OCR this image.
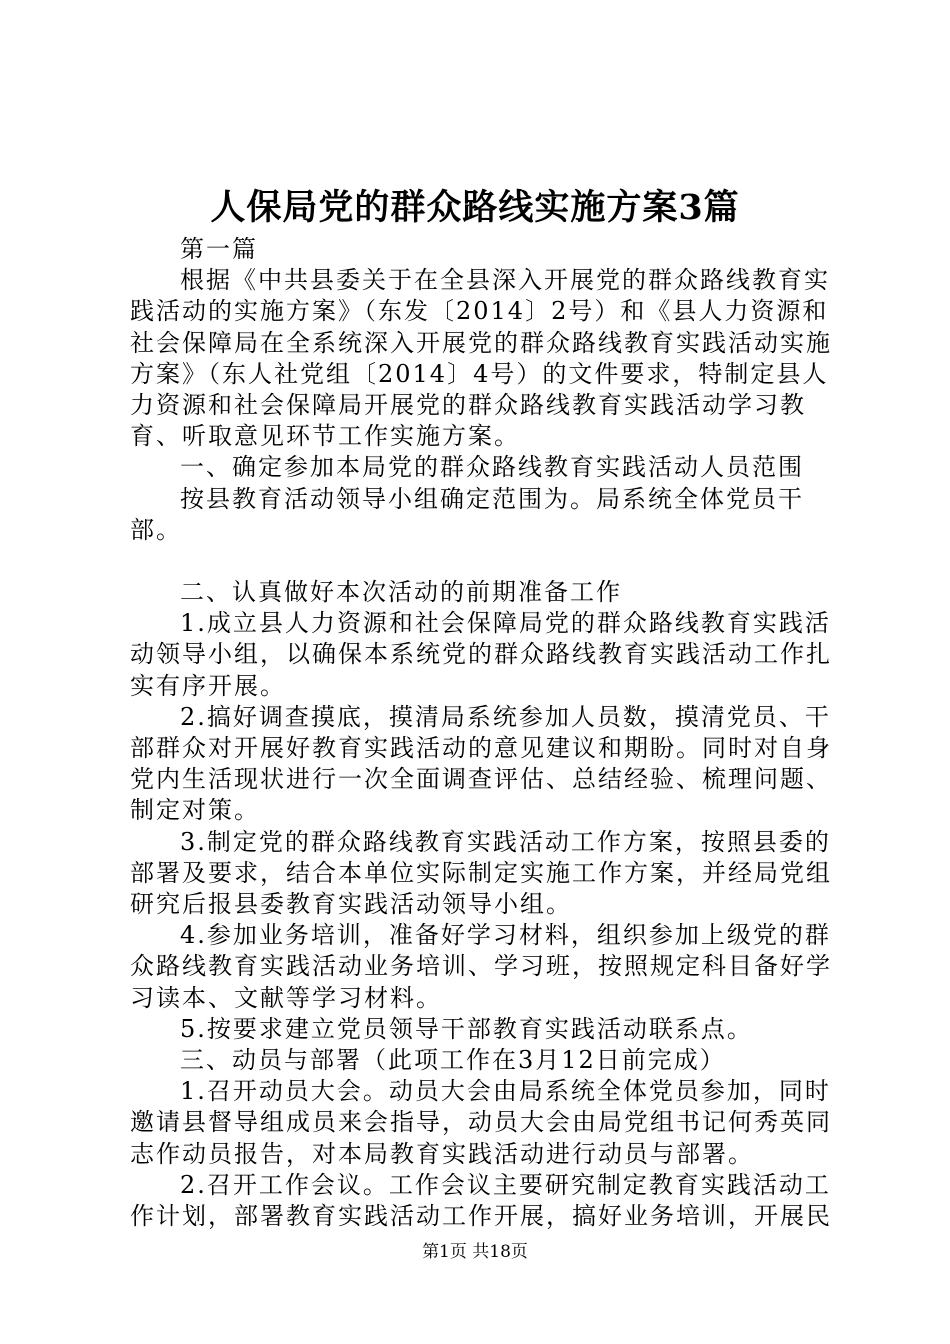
人保局党的群众路线实施方案3篇

第一篇

根据《中共县委关于在全县深入开展党的群众路线教育实践活动的实施方案》（东发〔2014〕2号）和《县人力资源和社会保障局在全系统深入开展党的群众路线教育实践活动实施方案》（东人社党组〔2014〕4号）的文件要求，特制定县人力资源和社会保障局开展党的群众路线教育实践活动学习教育、听取意见环节工作实施方案。

一、确定参加本局党的群众路线教育实践活动人员范围

按县教育活动领导小组确定范围为。局系统全体党员干部。

二、认真做好本次活动的前期准备工作

1.成立县人力资源和社会保障局党的群众路线教育实践活动领导小组，以确保本系统党的群众路线教育实践活动工作扎实有序开展。

2.搞好调查摸底，摸清局系统参加人员数，摸清党员、干部群众对开展好教育实践活动的意见建议和期盼。同时对自身党内生活现状进行一次全面调查评估、总结经验、梳理问题、制定对策。

3.制定党的群众路线教育实践活动工作方案，按照县委的部署及要求，结合本单位实际制定实施工作方案，并经局党组研究后报县委教育实践活动领导小组。

4.参加业务培训，准备好学习材料，组织参加上级党的群众路线教育实践活动业务培训、学习班，按照规定科目备好学习读本、文献等学习材料。

5.按要求建立党员领导干部教育实践活动联系点。

三、动员与部署（此项工作在3月12日前完成）

1.召开动员大会。动员大会由局系统全体党员参加，同时邀请县督导组成员来会指导，动员大会由局党组书记何秀英同志作动员报告，对本局教育实践活动进行动员与部署。

2.召开工作会议。工作会议主要研究制定教育实践活动工作计划，部署教育实践活动工作开展，搞好业务培训，开展民

第1页 共18页
